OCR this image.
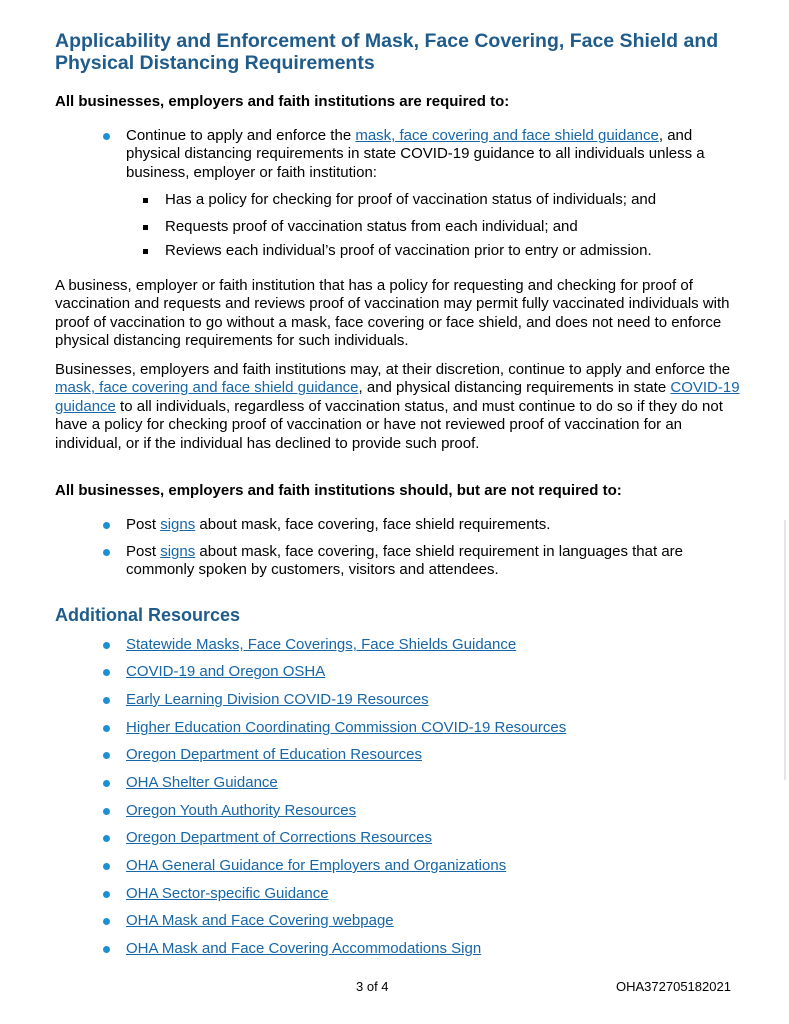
Applicability and Enforcement of Mask, Face Covering, Face Shield and Physical Distancing Requirements
All businesses, employers and faith institutions are required to:
Continue to apply and enforce the mask, face covering and face shield guidance, and physical distancing requirements in state COVID-19 guidance to all individuals unless a business, employer or faith institution:
Has a policy for checking for proof of vaccination status of individuals; and
Requests proof of vaccination status from each individual; and
Reviews each individual’s proof of vaccination prior to entry or admission.

A business, employer or faith institution that has a policy for requesting and checking for proof of vaccination and requests and reviews proof of vaccination may permit fully vaccinated individuals with proof of vaccination to go without a mask, face covering or face shield, and does not need to enforce physical distancing requirements for such individuals.

Businesses, employers and faith institutions may, at their discretion, continue to apply and enforce the mask, face covering and face shield guidance, and physical distancing requirements in state COVID-19 guidance to all individuals, regardless of vaccination status, and must continue to do so if they do not have a policy for checking proof of vaccination or have not reviewed proof of vaccination for an individual, or if the individual has declined to provide such proof.

All businesses, employers and faith institutions should, but are not required to:
Post signs about mask, face covering, face shield requirements.
Post signs about mask, face covering, face shield requirement in languages that are commonly spoken by customers, visitors and attendees.
Additional Resources
Statewide Masks, Face Coverings, Face Shields Guidance
COVID-19 and Oregon OSHA
Early Learning Division COVID-19 Resources
Higher Education Coordinating Commission COVID-19 Resources
Oregon Department of Education Resources
OHA Shelter Guidance
Oregon Youth Authority Resources
Oregon Department of Corrections Resources
OHA General Guidance for Employers and Organizations
OHA Sector-specific Guidance
OHA Mask and Face Covering webpage
OHA Mask and Face Covering Accommodations Sign
3 of 4	OHA372705182021
